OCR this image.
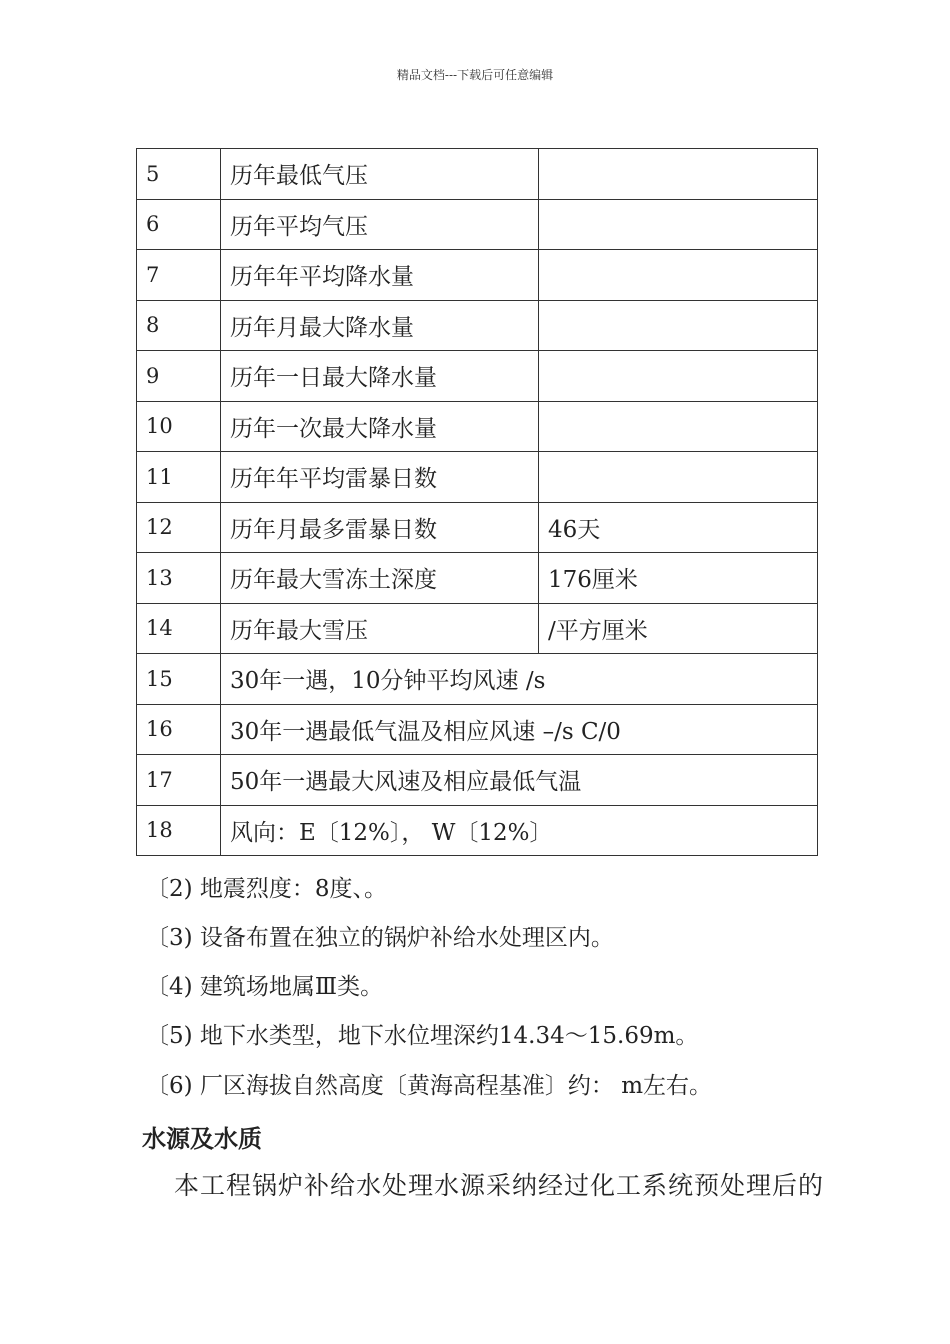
精品文档---下载后可任意编辑
5	历年最低气压	
6	历年平均气压	
7	历年年平均降水量	
8	历年月最大降水量	
9	历年一日最大降水量	
10	历年一次最大降水量	
11	历年年平均雷暴日数	
12	历年月最多雷暴日数	46天
13	历年最大雪冻土深度	176厘米
14	历年最大雪压	/平方厘米
15	30年一遇，10分钟平均风速 /s	
16	30年一遇最低气温及相应风速 –/s C/0	
17	50年一遇最大风速及相应最低气温	
18	风向：E〔12%〕， W〔12%〕	
〔2) 地震烈度：8度、。
〔3) 设备布置在独立的锅炉补给水处理区内。
〔4) 建筑场地属Ⅲ类。
〔5) 地下水类型，地下水位埋深约14.34～15.69m。
〔6) 厂区海拔自然高度〔黄海高程基准〕约： m左右。
水源及水质
本工程锅炉补给水处理水源采纳经过化工系统预处理后的
